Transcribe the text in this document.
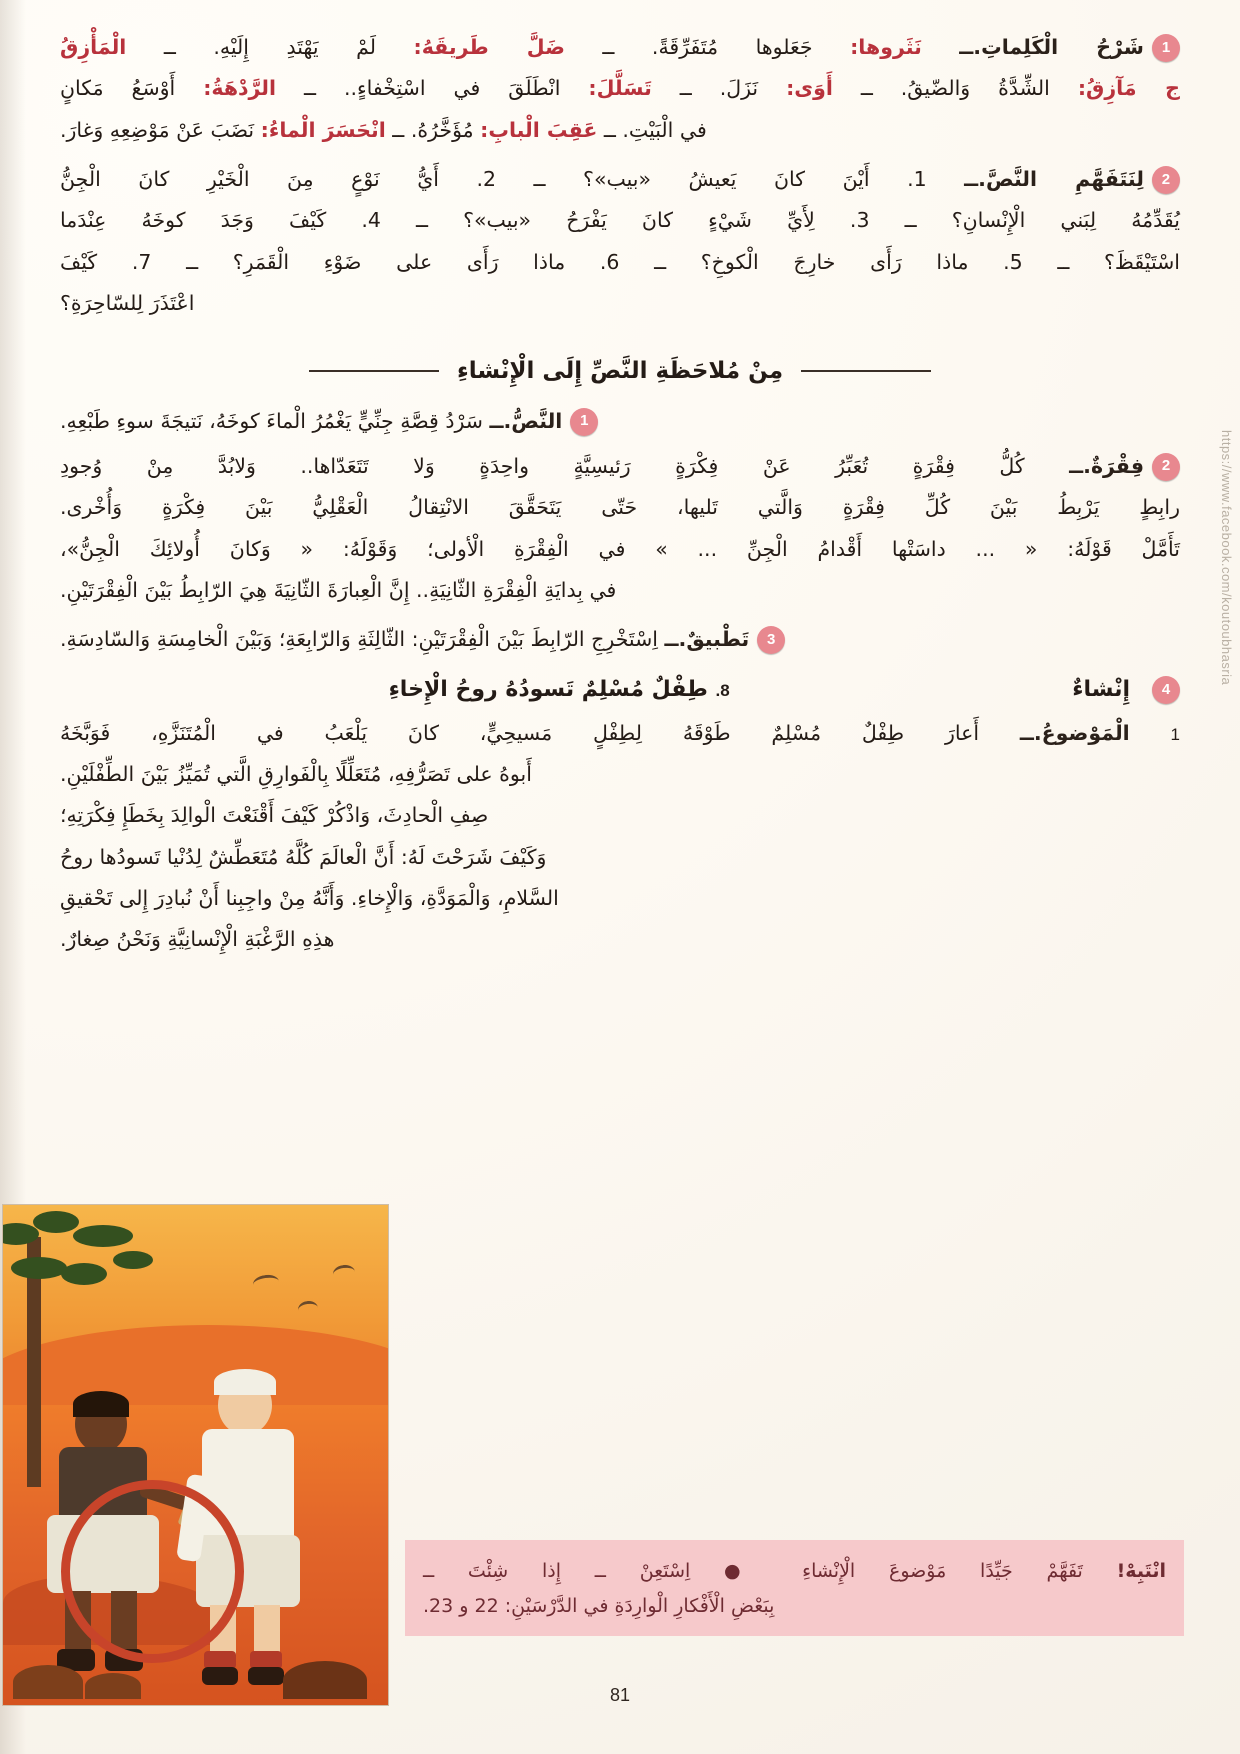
https://www.facebook.com/koutoubhasria

1شَرْحُ الْكَلِماتِ.ــ نَثَروها: جَعَلوها مُتَفَرِّقَةً. ــ ضَلَّ طَريقَهُ: لَمْ يَهْتَدِ إِلَيْهِ. ــ الْمَأْزِقُ

ج مَآزِقُ: الشِّدَّةُ وَالضّيقُ. ــ أَوَى: نَزَلَ. ــ تَسَلَّلَ: انْطَلَقَ في اسْتِخْفاءٍ.. ــ الرَّدْهَةُ: أَوْسَعُ مَكانٍ

في الْبَيْتِ. ــ عَقِبَ الْبابِ: مُؤَخَّرُهُ. ــ انْحَسَرَ الْماءُ: نَضَبَ عَنْ مَوْضِعِهِ وَغارَ.

2لِنَتَفَهَّمِ النَّصَّ.ــ 1. أَيْنَ كانَ يَعيشُ «بيب»؟ ــ 2. أَيُّ نَوْعٍ مِنَ الْخَيْرِ كانَ الْجِنُّ

يُقَدِّمُهُ لِبَني الْإِنْسانِ؟ ــ 3. لِأَيِّ شَيْءٍ كانَ يَفْرَحُ «بيب»؟ ــ 4. كَيْفَ وَجَدَ كوخَهُ عِنْدَما

اسْتَيْقَظَ؟ ــ 5. ماذا رَأَى خارِجَ الْكوخِ؟ ــ 6. ماذا رَأَى على ضَوْءِ الْقَمَرِ؟ ــ 7. كَيْفَ

اعْتَذَرَ لِلسّاحِرَةِ؟

مِنْ مُلاحَظَةِ النَّصِّ إِلَى الْإِنْشاءِ

1النَّصُّ.ــ سَرْدُ قِصَّةِ جِنِّيٍّ يَغْمُرُ الْماءَ كوخَهُ، نَتيجَةَ سوءِ طَبْعِهِ.

2فِقْرَةٌ.ــ كُلُّ فِقْرَةٍ تُعَبِّرُ عَنْ فِكْرَةٍ رَئيسِيَّةٍ واحِدَةٍ وَلا تَتَعَدّاها.. وَلابُدَّ مِنْ وُجودِ

رابِطٍ يَرْبِطُ بَيْنَ كُلِّ فِقْرَةٍ وَالَّتي تَليها، حَتّى يَتَحَقَّقَ الانْتِقالُ الْعَقْلِيُّ بَيْنَ فِكْرَةٍ وَأُخْرى.

تَأَمَّلْ قَوْلَهُ: « ... داسَتْها أَقْدامُ الْجِنِّ ... » في الْفِقْرَةِ الْأولى؛ وَقَوْلَهُ: « وَكانَ أُولائِكَ الْجِنُّ»،

في بِدايَةِ الْفِقْرَةِ الثّانِيَةِ.. إِنَّ الْعِبارَةَ الثّانِيَةَ هِيَ الرّابِطُ بَيْنَ الْفِقْرَتَيْنِ.

3تَطْبيقٌ.ــ اِسْتَخْرِجِ الرّابِطَ بَيْنَ الْفِقْرَتَيْنِ: الثّالِثَةِ وَالرّابِعَةِ؛ وَبَيْنَ الْخامِسَةِ وَالسّادِسَةِ.

4
إِنْشاءٌ
8. طِفْلٌ مُسْلِمٌ تَسودُهُ روحُ الْإِخاءِ

1 الْمَوْضوعُ.ــ أَعارَ طِفْلٌ مُسْلِمٌ طَوْقَهُ لِطِفْلٍ مَسيحِيٍّ، كانَ يَلْعَبُ في الْمُتَنَزَّهِ، فَوَبَّخَهُ

أَبوهُ على تَصَرُّفِهِ، مُتَعَلِّلًا بِالْفَوارِقِ الَّتي تُمَيِّزُ بَيْنَ الطِّفْلَيْنِ.

صِفِ الْحادِثَ، وَاذْكُرْ كَيْفَ أَقْنَعْتَ الْوالِدَ بِخَطَإِ فِكْرَتِهِ؛

وَكَيْفَ شَرَحْتَ لَهُ: أَنَّ الْعالَمَ كُلَّهُ مُتَعَطِّشٌ لِدُنْيا تَسودُها روحُ

السَّلامِ، وَالْمَوَدَّةِ، وَالْإِخاءِ. وَأَنَّهُ مِنْ واجِبِنا أَنْ نُبادِرَ إِلى تَحْقيقِ

هذِهِ الرَّغْبَةِ الْإِنْسانِيَّةِ وَنَحْنُ صِغارٌ.

انْتَبِهْ! تَفَهَّمْ جَيِّدًا مَوْضوعَ الْإِنْشاءِ ● اِسْتَعِنْ ــ إِذا شِئْتَ ــ

بِبَعْضِ الْأَفْكارِ الْوارِدَةِ في الدَّرْسَيْنِ: 22 و 23.

81
